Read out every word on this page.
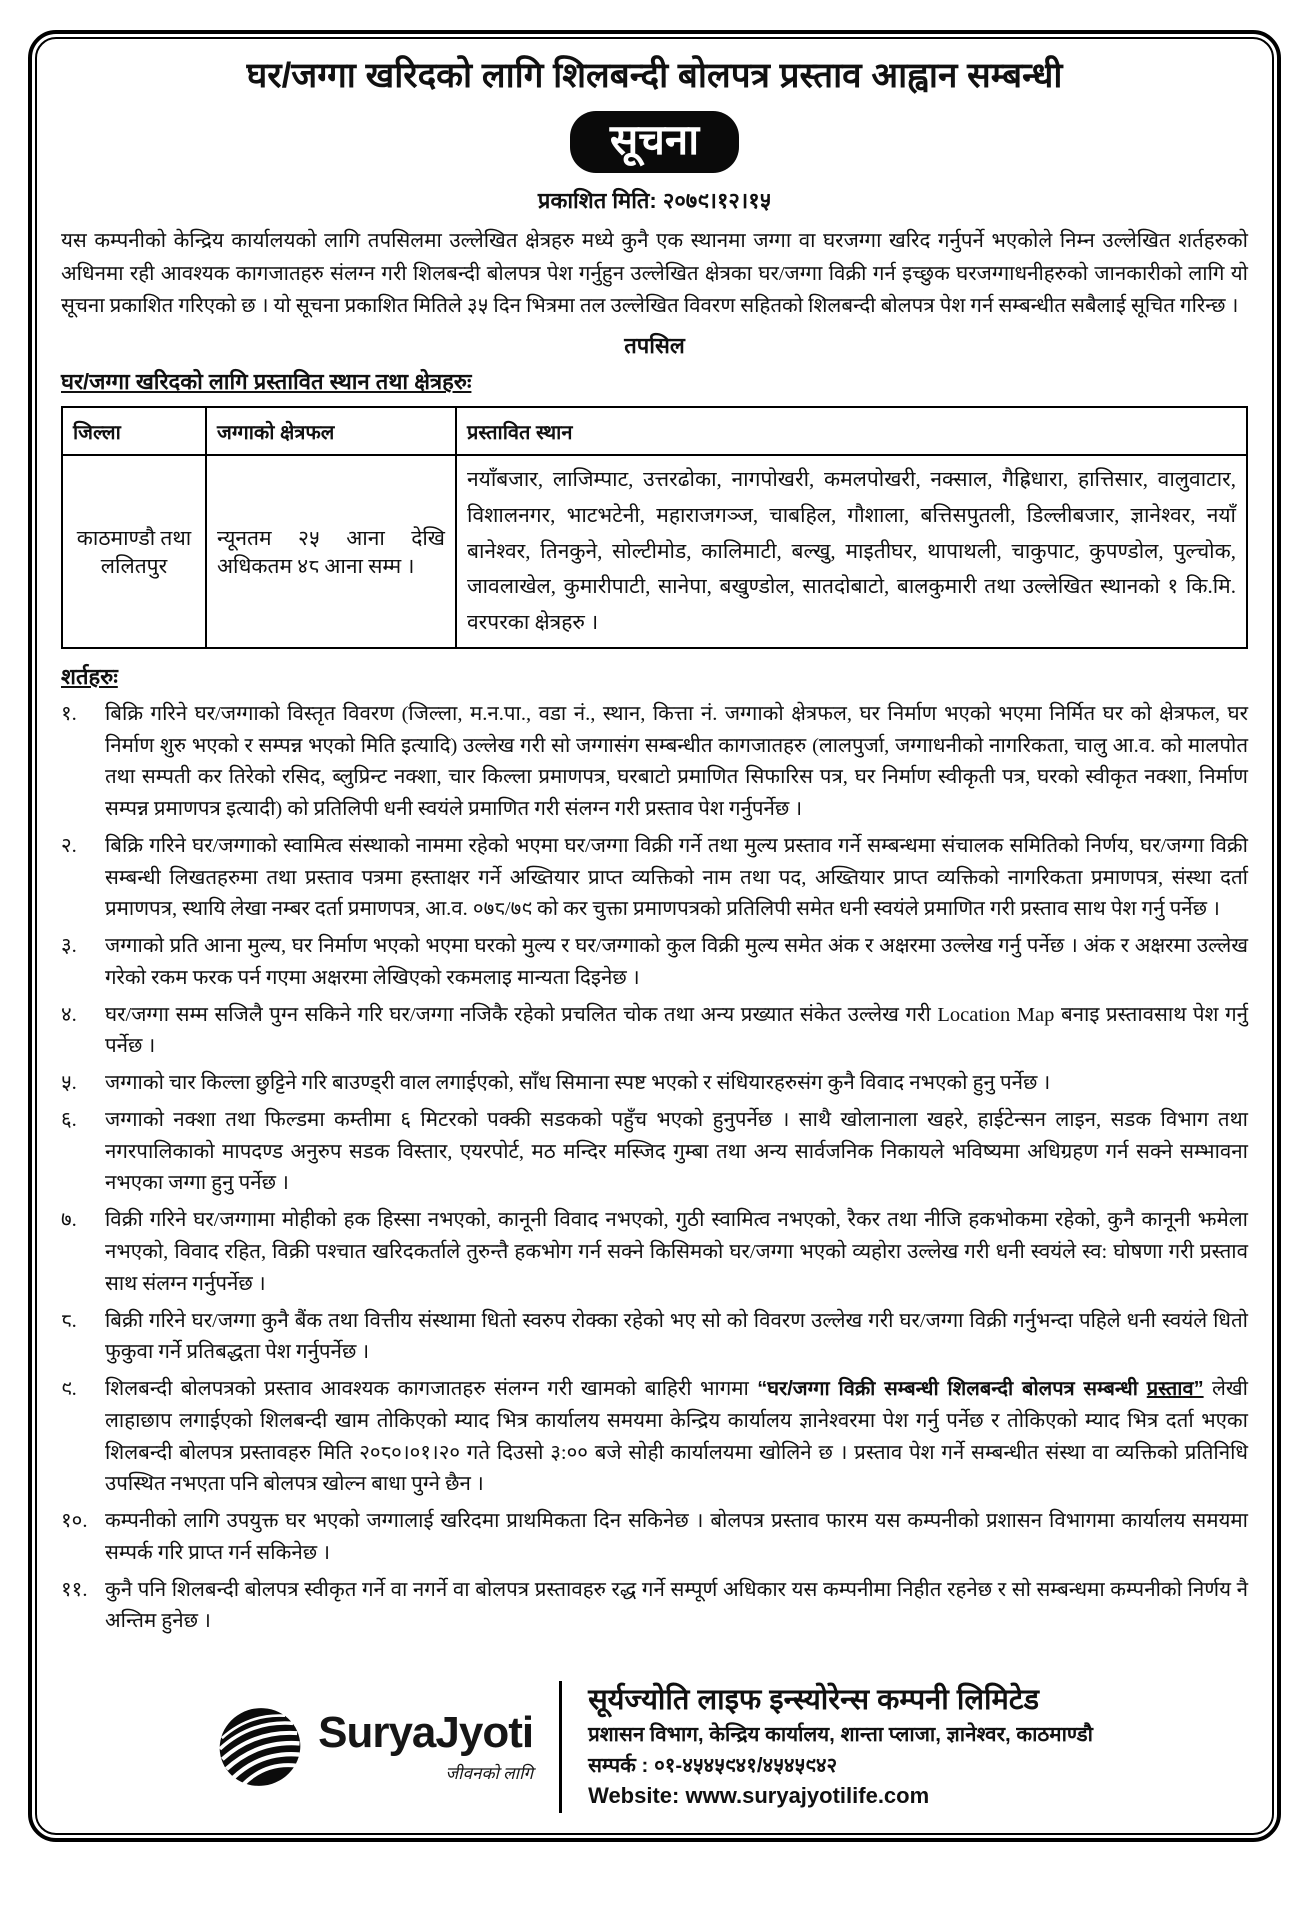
घर/जग्गा खरिदको लागि शिलबन्दी बोलपत्र प्रस्ताव आह्वान सम्बन्धी
सूचना
प्रकाशित मिति: २०७९।१२।१५

यस कम्पनीको केन्द्रिय कार्यालयको लागि तपसिलमा उल्लेखित क्षेत्रहरु मध्ये कुनै एक स्थानमा जग्गा वा घरजग्गा खरिद गर्नुपर्ने भएकोले निम्न उल्लेखित शर्तहरुको अधिनमा रही आवश्यक कागजातहरु संलग्न गरी शिलबन्दी बोलपत्र पेश गर्नुहुन उल्लेखित क्षेत्रका घर/जग्गा विक्री गर्न इच्छुक घरजग्गाधनीहरुको जानकारीको लागि यो सूचना प्रकाशित गरिएको छ । यो सूचना प्रकाशित मितिले ३५ दिन भित्रमा तल उल्लेखित विवरण सहितको शिलबन्दी बोलपत्र पेश गर्न सम्बन्धीत सबैलाई सूचित गरिन्छ ।

तपसिल
घर/जग्गा खरिदको लागि प्रस्तावित स्थान तथा क्षेत्रहरुः
जिल्ला	जग्गाको क्षेत्रफल	प्रस्तावित स्थान
काठमाण्डौ तथा ललितपुर	न्यूनतम २५ आना देखि अधिकतम ४८ आना सम्म ।	नयाँबजार, लाजिम्पाट, उत्तरढोका, नागपोखरी, कमलपोखरी, नक्साल, गैह्रिधारा, हात्तिसार, वालुवाटार, विशालनगर, भाटभटेनी, महाराजगञ्ज, चाबहिल, गौशाला, बत्तिसपुतली, डिल्लीबजार, ज्ञानेश्वर, नयाँ बानेश्वर, तिनकुने, सोल्टीमोड, कालिमाटी, बल्खु, माइतीघर, थापाथली, चाकुपाट, कुपण्डोल, पुल्चोक, जावलाखेल, कुमारीपाटी, सानेपा, बखुण्डोल, सातदोबाटो, बालकुमारी तथा उल्लेखित स्थानको १ कि.मि. वरपरका क्षेत्रहरु ।
शर्तहरुः
१.	बिक्रि गरिने घर/जग्गाको विस्तृत विवरण (जिल्ला, म.न.पा., वडा नं., स्थान, कित्ता नं. जग्गाको क्षेत्रफल, घर निर्माण भएको भएमा निर्मित घर को क्षेत्रफल, घर निर्माण शुरु भएको र सम्पन्न भएको मिति इत्यादि) उल्लेख गरी सो जग्गासंग सम्बन्धीत कागजातहरु (लालपुर्जा, जग्गाधनीको नागरिकता, चालु आ.व. को मालपोत तथा सम्पती कर तिरेको रसिद, ब्लुप्रिन्ट नक्शा, चार किल्ला प्रमाणपत्र, घरबाटो प्रमाणित सिफारिस पत्र, घर निर्माण स्वीकृती पत्र, घरको स्वीकृत नक्शा, निर्माण सम्पन्न प्रमाणपत्र इत्यादी) को प्रतिलिपी धनी स्वयंले प्रमाणित गरी संलग्न गरी प्रस्ताव पेश गर्नुपर्नेछ ।
२.	बिक्रि गरिने घर/जग्गाको स्वामित्व संस्थाको नाममा रहेको भएमा घर/जग्गा विक्री गर्ने तथा मुल्य प्रस्ताव गर्ने सम्बन्धमा संचालक समितिको निर्णय, घर/जग्गा विक्री सम्बन्धी लिखतहरुमा तथा प्रस्ताव पत्रमा हस्ताक्षर गर्ने अख्तियार प्राप्त व्यक्तिको नाम तथा पद, अख्तियार प्राप्त व्यक्तिको नागरिकता प्रमाणपत्र, संस्था दर्ता प्रमाणपत्र, स्थायि लेखा नम्बर दर्ता प्रमाणपत्र, आ.व. ०७८/७९ को कर चुक्ता प्रमाणपत्रको प्रतिलिपी समेत धनी स्वयंले प्रमाणित गरी प्रस्ताव साथ पेश गर्नु पर्नेछ ।
३.	जग्गाको प्रति आना मुल्य, घर निर्माण भएको भएमा घरको मुल्य र घर/जग्गाको कुल विक्री मुल्य समेत अंक र अक्षरमा उल्लेख गर्नु पर्नेछ । अंक र अक्षरमा उल्लेख गरेको रकम फरक पर्न गएमा अक्षरमा लेखिएको रकमलाइ मान्यता दिइनेछ ।
४.	घर/जग्गा सम्म सजिलै पुग्न सकिने गरि घर/जग्गा नजिकै रहेको प्रचलित चोक तथा अन्य प्रख्यात संकेत उल्लेख गरी Location Map बनाइ प्रस्तावसाथ पेश गर्नु पर्नेछ ।
५.	जग्गाको चार किल्ला छुट्टिने गरि बाउण्ड्री वाल लगाईएको, साँध सिमाना स्पष्ट भएको र संधियारहरुसंग कुनै विवाद नभएको हुनु पर्नेछ ।
६.	जग्गाको नक्शा तथा फिल्डमा कम्तीमा ६ मिटरको पक्की सडकको पहुँच भएको हुनुपर्नेछ । साथै खोलानाला खहरे, हाईटेन्सन लाइन, सडक विभाग तथा नगरपालिकाको मापदण्ड अनुरुप सडक विस्तार, एयरपोर्ट, मठ मन्दिर मस्जिद गुम्बा तथा अन्य सार्वजनिक निकायले भविष्यमा अधिग्रहण गर्न सक्ने सम्भावना नभएका जग्गा हुनु पर्नेछ ।
७.	विक्री गरिने घर/जग्गामा मोहीको हक हिस्सा नभएको, कानूनी विवाद नभएको, गुठी स्वामित्व नभएको, रैकर तथा नीजि हकभोकमा रहेको, कुनै कानूनी झमेला नभएको, विवाद रहित, विक्री पश्चात खरिदकर्ताले तुरुन्तै हकभोग गर्न सक्ने किसिमको घर/जग्गा भएको व्यहोरा उल्लेख गरी धनी स्वयंले स्व: घोषणा गरी प्रस्ताव साथ संलग्न गर्नुपर्नेछ ।
८.	बिक्री गरिने घर/जग्गा कुनै बैंक तथा वित्तीय संस्थामा धितो स्वरुप रोक्का रहेको भए सो को विवरण उल्लेख गरी घर/जग्गा विक्री गर्नुभन्दा पहिले धनी स्वयंले धितो फुकुवा गर्ने प्रतिबद्धता पेश गर्नुपर्नेछ ।
९.	शिलबन्दी बोलपत्रको प्रस्ताव आवश्यक कागजातहरु संलग्न गरी खामको बाहिरी भागमा “घर/जग्गा विक्री सम्बन्धी शिलबन्दी बोलपत्र सम्बन्धी प्रस्ताव” लेखी लाहाछाप लगाईएको शिलबन्दी खाम तोकिएको म्याद भित्र कार्यालय समयमा केन्द्रिय कार्यालय ज्ञानेश्वरमा पेश गर्नु पर्नेछ र तोकिएको म्याद भित्र दर्ता भएका शिलबन्दी बोलपत्र प्रस्तावहरु मिति २०८०।०१।२० गते दिउसो ३:०० बजे सोही कार्यालयमा खोलिने छ । प्रस्ताव पेश गर्ने सम्बन्धीत संस्था वा व्यक्तिको प्रतिनिधि उपस्थित नभएता पनि बोलपत्र खोल्न बाधा पुग्ने छैन ।
१०. कम्पनीको लागि उपयुक्त घर भएको जग्गालाई खरिदमा प्राथमिकता दिन सकिनेछ । बोलपत्र प्रस्ताव फारम यस कम्पनीको प्रशासन विभागमा कार्यालय समयमा सम्पर्क गरि प्राप्त गर्न सकिनेछ ।
११. कुनै पनि शिलबन्दी बोलपत्र स्वीकृत गर्ने वा नगर्ने वा बोलपत्र प्रस्तावहरु रद्ध गर्ने सम्पूर्ण अधिकार यस कम्पनीमा निहीत रहनेछ र सो सम्बन्धमा कम्पनीको निर्णय नै अन्तिम हुनेछ ।
SuryaJyoti
जीवनको लागि
सूर्यज्योति लाइफ इन्स्योरेन्स कम्पनी लिमिटेड
प्रशासन विभाग, केन्द्रिय कार्यालय, शान्ता प्लाजा, ज्ञानेश्वर, काठमाण्डौ
सम्पर्क : ०१-४५४५९४१/४५४५९४२
Website: www.suryajyotilife.com
